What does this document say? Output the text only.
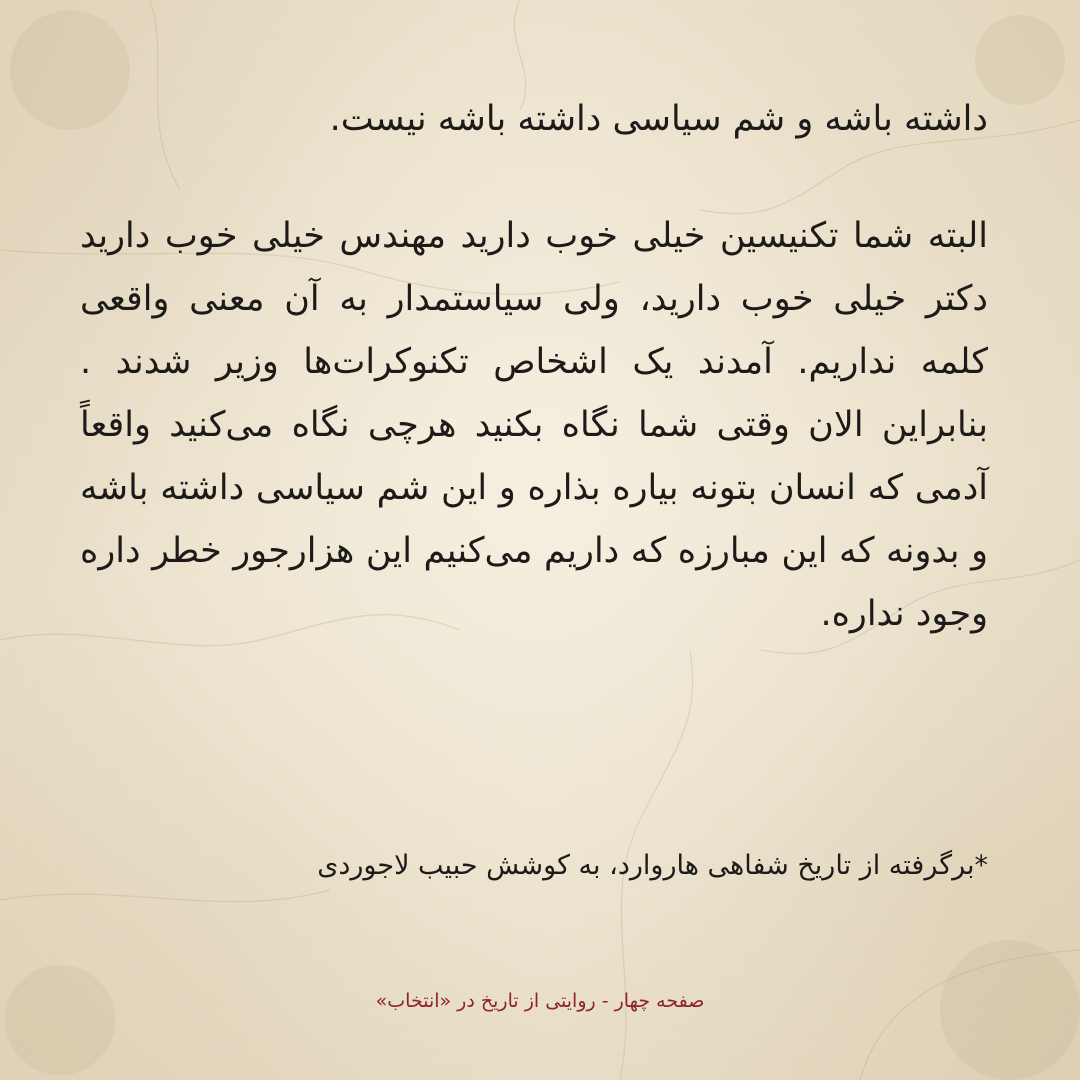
داشته باشه و شم سیاسی داشته باشه نیست.

البته شما تکنیسین خیلی خوب دارید مهندس خیلی خوب دارید دکتر خیلی خوب دارید، ولی سیاستمدار به آن معنی واقعی کلمه نداریم. آمدند یک اشخاص تکنوکرات‌ها وزیر شدند . بنابراین الان وقتی شما نگاه بکنید هرچی نگاه می‌کنید واقعاً آدمی که انسان بتونه بیاره بذاره و این شم سیاسی داشته باشه و بدونه که این مبارزه که داریم می‌کنیم این هزارجور خطر داره وجود نداره.

*برگرفته از تاریخ شفاهی هاروارد، به کوشش حبیب لاجوردی

صفحه چهار - روایتی از تاریخ در «انتخاب»
